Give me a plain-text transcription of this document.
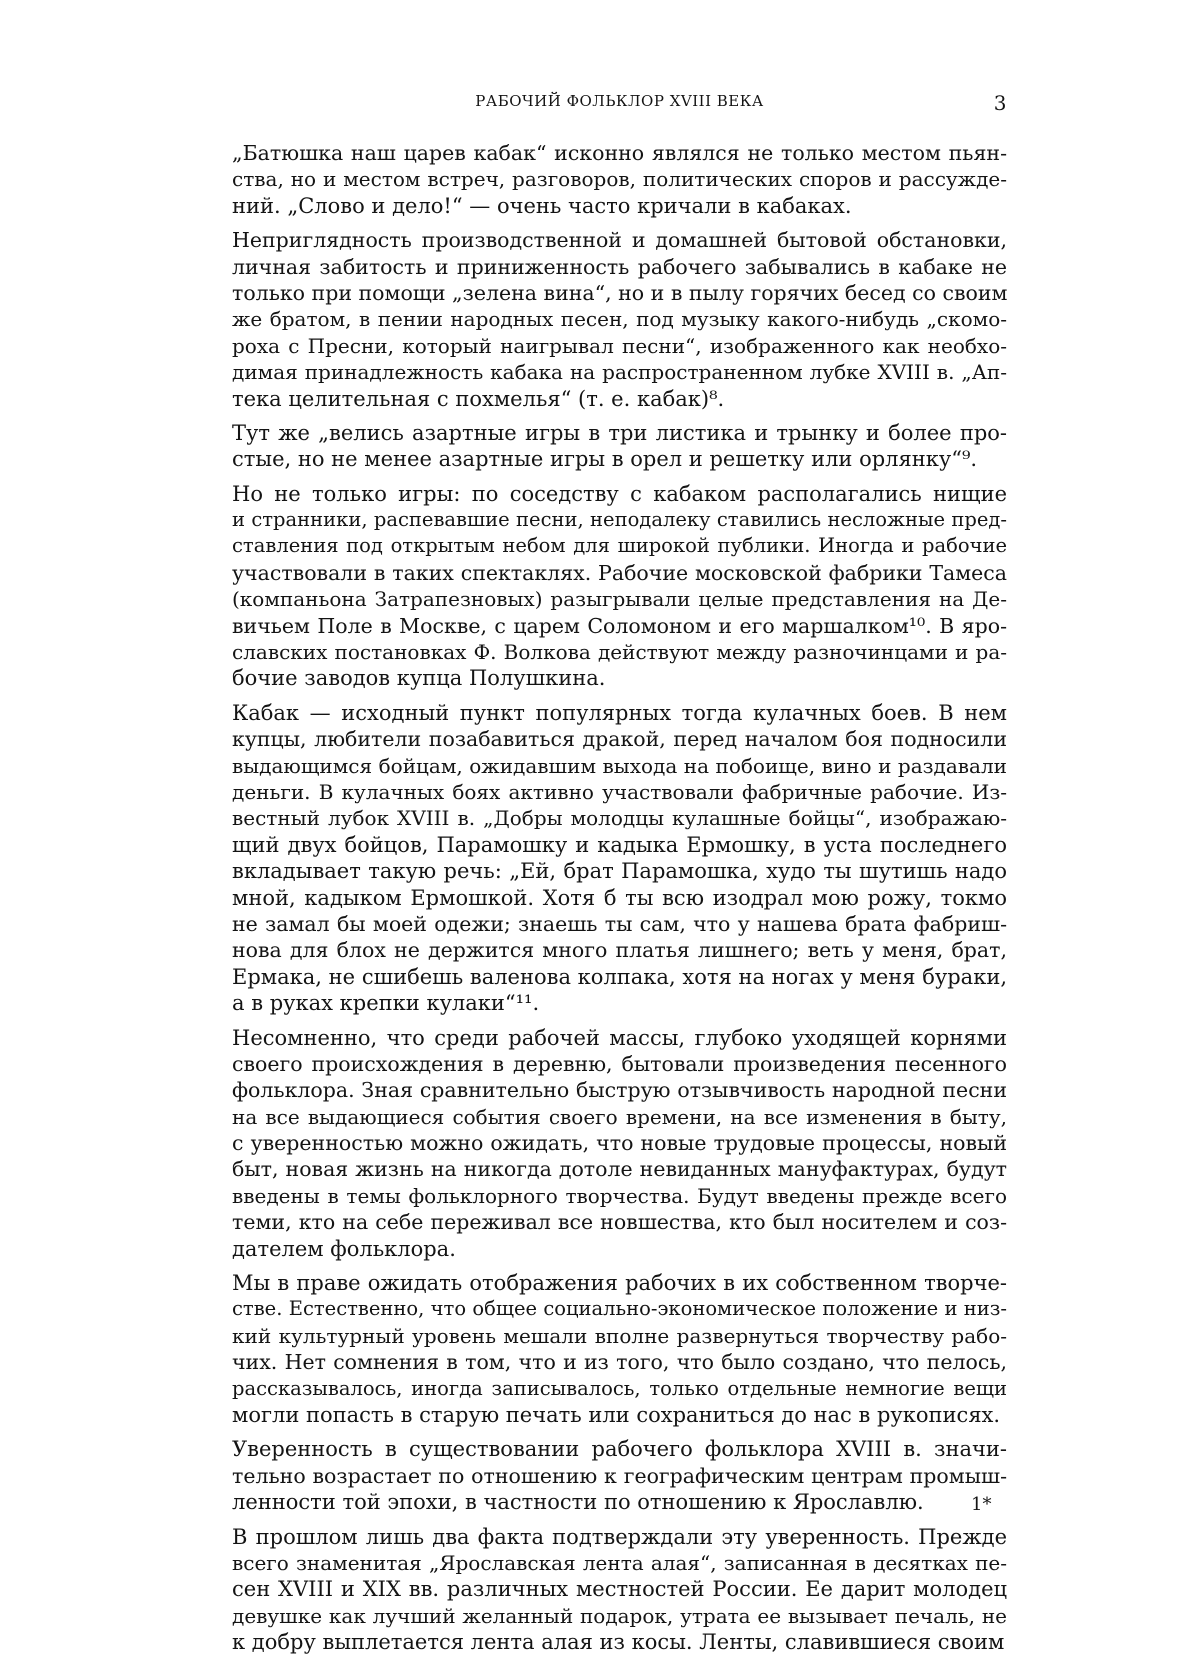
РАБОЧИЙ ФОЛЬКЛОР XVIII ВЕКА	3
„Батюшка наш царев кабак“ исконно являлся не только местом пьян-
ства, но и местом встреч, разговоров, политических споров и рассужде-
ний. „Слово и дело!“ — очень часто кричали в кабаках.
Неприглядность производственной и домашней бытовой обстановки,
личная забитость и приниженность рабочего забывались в кабаке не
только при помощи „зелена вина“, но и в пылу горячих бесед со своим
же братом, в пении народных песен, под музыку какого-нибудь „скомо-
роха с Пресни, который наигрывал песни“, изображенного как необхо-
димая принадлежность кабака на распространенном лубке XVIII в. „Ап-
тека целительная с похмелья“ (т. е. кабак)⁸.
Тут же „велись азартные игры в три листика и трынку и более про-
стые, но не менее азартные игры в орел и решетку или орлянку“⁹.
Но не только игры: по соседству с кабаком располагались нищие
и странники, распевавшие песни, неподалеку ставились несложные пред-
ставления под открытым небом для широкой публики. Иногда и рабочие
участвовали в таких спектаклях. Рабочие московской фабрики Тамеса
(компаньона Затрапезновых) разыгрывали целые представления на Де-
вичьем Поле в Москве, с царем Соломоном и его маршалком¹⁰. В яро-
славских постановках Ф. Волкова действуют между разночинцами и ра-
бочие заводов купца Полушкина.
Кабак — исходный пункт популярных тогда кулачных боев. В нем
купцы, любители позабавиться дракой, перед началом боя подносили
выдающимся бойцам, ожидавшим выхода на побоище, вино и раздавали
деньги. В кулачных боях активно участвовали фабричные рабочие. Из-
вестный лубок XVIII в. „Добры молодцы кулашные бойцы“, изображаю-
щий двух бойцов, Парамошку и кадыка Ермошку, в уста последнего
вкладывает такую речь: „Ей, брат Парамошка, худо ты шутишь надо
мной, кадыком Ермошкой. Хотя б ты всю изодрал мою рожу, токмо
не замал бы моей одежи; знаешь ты сам, что у нашева брата фабриш-
нова для блох не держится много платья лишнего; веть у меня, брат,
Ермака, не сшибешь валенова колпака, хотя на ногах у меня бураки,
а в руках крепки кулаки“¹¹.
Несомненно, что среди рабочей массы, глубоко уходящей корнями
своего происхождения в деревню, бытовали произведения песенного
фольклора. Зная сравнительно быструю отзывчивость народной песни
на все выдающиеся события своего времени, на все изменения в быту,
с уверенностью можно ожидать, что новые трудовые процессы, новый
быт, новая жизнь на никогда дотоле невиданных мануфактурах, будут
введены в темы фольклорного творчества. Будут введены прежде всего
теми, кто на себе переживал все новшества, кто был носителем и соз-
дателем фольклора.
Мы в праве ожидать отображения рабочих в их собственном творче-
стве. Естественно, что общее социально-экономическое положение и низ-
кий культурный уровень мешали вполне развернуться творчеству рабо-
чих. Нет сомнения в том, что и из того, что было создано, что пелось,
рассказывалось, иногда записывалось, только отдельные немногие вещи
могли попасть в старую печать или сохраниться до нас в рукописях.
Уверенность в существовании рабочего фольклора XVIII в. значи-
тельно возрастает по отношению к географическим центрам промыш-
ленности той эпохи, в частности по отношению к Ярославлю.
В прошлом лишь два факта подтверждали эту уверенность. Прежде
всего знаменитая „Ярославская лента алая“, записанная в десятках пе-
сен XVIII и XIX вв. различных местностей России. Ее дарит молодец
девушке как лучший желанный подарок, утрата ее вызывает печаль, не
к добру выплетается лента алая из косы. Ленты, славившиеся своим
1*
